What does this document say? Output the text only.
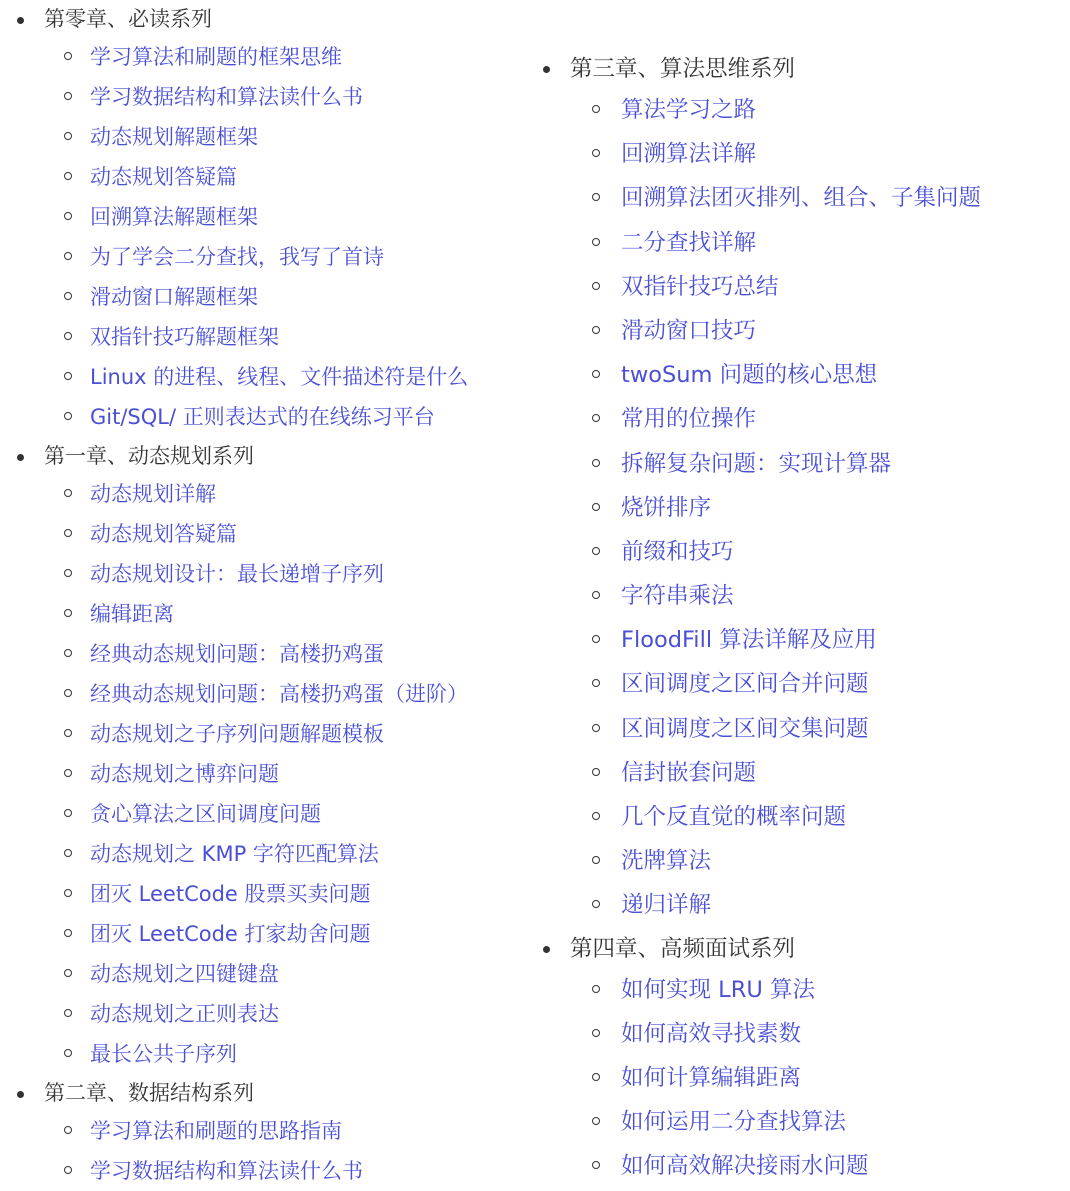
第零章、必读系列
学习算法和刷题的框架思维
学习数据结构和算法读什么书
动态规划解题框架
动态规划答疑篇
回溯算法解题框架
为了学会二分查找，我写了首诗
滑动窗口解题框架
双指针技巧解题框架
Linux 的进程、线程、文件描述符是什么
Git/SQL/ 正则表达式的在线练习平台
第一章、动态规划系列
动态规划详解
动态规划答疑篇
动态规划设计：最长递增子序列
编辑距离
经典动态规划问题：高楼扔鸡蛋
经典动态规划问题：高楼扔鸡蛋（进阶）
动态规划之子序列问题解题模板
动态规划之博弈问题
贪心算法之区间调度问题
动态规划之 KMP 字符匹配算法
团灭 LeetCode 股票买卖问题
团灭 LeetCode 打家劫舍问题
动态规划之四键键盘
动态规划之正则表达
最长公共子序列
第二章、数据结构系列
学习算法和刷题的思路指南
学习数据结构和算法读什么书
第三章、算法思维系列
算法学习之路
回溯算法详解
回溯算法团灭排列、组合、子集问题
二分查找详解
双指针技巧总结
滑动窗口技巧
twoSum 问题的核心思想
常用的位操作
拆解复杂问题：实现计算器
烧饼排序
前缀和技巧
字符串乘法
FloodFill 算法详解及应用
区间调度之区间合并问题
区间调度之区间交集问题
信封嵌套问题
几个反直觉的概率问题
洗牌算法
递归详解
第四章、高频面试系列
如何实现 LRU 算法
如何高效寻找素数
如何计算编辑距离
如何运用二分查找算法
如何高效解决接雨水问题
